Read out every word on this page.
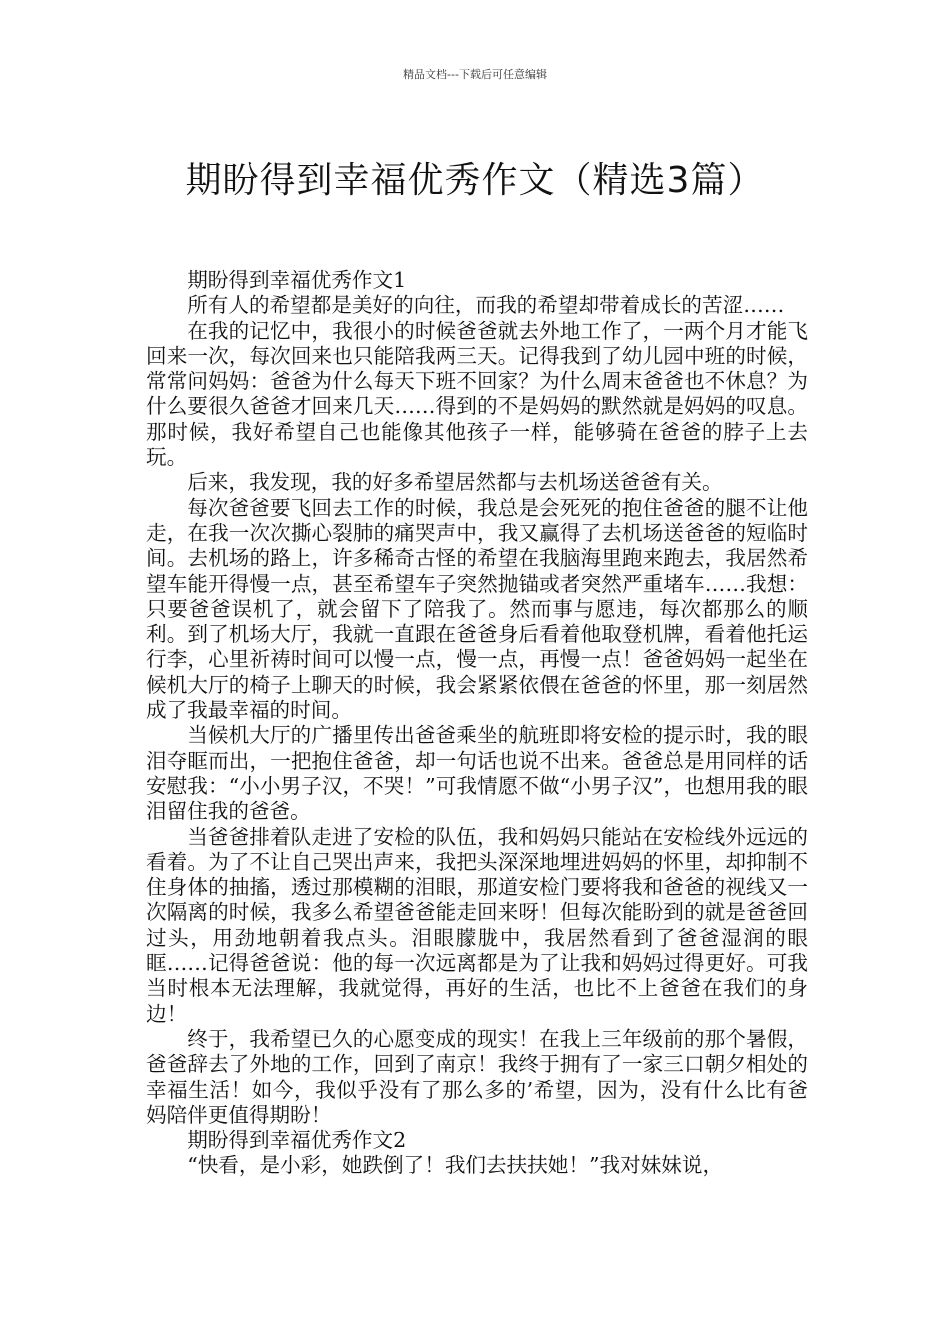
精品文档---下载后可任意编辑
期盼得到幸福优秀作文（精选3篇）

期盼得到幸福优秀作文1

所有人的希望都是美好的向往，而我的希望却带着成长的苦涩……

在我的记忆中，我很小的时候爸爸就去外地工作了，一两个月才能飞回来一次，每次回来也只能陪我两三天。记得我到了幼儿园中班的时候，常常问妈妈：爸爸为什么每天下班不回家？为什么周末爸爸也不休息？为什么要很久爸爸才回来几天……得到的不是妈妈的默然就是妈妈的叹息。那时候，我好希望自己也能像其他孩子一样，能够骑在爸爸的脖子上去玩。

后来，我发现，我的好多希望居然都与去机场送爸爸有关。

每次爸爸要飞回去工作的时候，我总是会死死的抱住爸爸的腿不让他走，在我一次次撕心裂肺的痛哭声中，我又赢得了去机场送爸爸的短临时间。去机场的路上，许多稀奇古怪的希望在我脑海里跑来跑去，我居然希望车能开得慢一点，甚至希望车子突然抛锚或者突然严重堵车……我想：只要爸爸误机了，就会留下了陪我了。然而事与愿违，每次都那么的顺利。到了机场大厅，我就一直跟在爸爸身后看着他取登机牌，看着他托运行李，心里祈祷时间可以慢一点，慢一点，再慢一点！爸爸妈妈一起坐在候机大厅的椅子上聊天的时候，我会紧紧依偎在爸爸的怀里，那一刻居然成了我最幸福的时间。

当候机大厅的广播里传出爸爸乘坐的航班即将安检的提示时，我的眼泪夺眶而出，一把抱住爸爸，却一句话也说不出来。爸爸总是用同样的话安慰我：“小小男子汉，不哭！”可我情愿不做“小男子汉”，也想用我的眼泪留住我的爸爸。

当爸爸排着队走进了安检的队伍，我和妈妈只能站在安检线外远远的看着。为了不让自己哭出声来，我把头深深地埋进妈妈的怀里，却抑制不住身体的抽搐，透过那模糊的泪眼，那道安检门要将我和爸爸的视线又一次隔离的时候，我多么希望爸爸能走回来呀！但每次能盼到的就是爸爸回过头，用劲地朝着我点头。泪眼朦胧中，我居然看到了爸爸湿润的眼眶……记得爸爸说：他的每一次远离都是为了让我和妈妈过得更好。可我当时根本无法理解，我就觉得，再好的生活，也比不上爸爸在我们的身边！

终于，我希望已久的心愿变成的现实！在我上三年级前的那个暑假，爸爸辞去了外地的工作，回到了南京！我终于拥有了一家三口朝夕相处的幸福生活！如今，我似乎没有了那么多的’希望，因为，没有什么比有爸妈陪伴更值得期盼！

期盼得到幸福优秀作文2

“快看，是小彩，她跌倒了！我们去扶扶她！”我对妹妹说，
